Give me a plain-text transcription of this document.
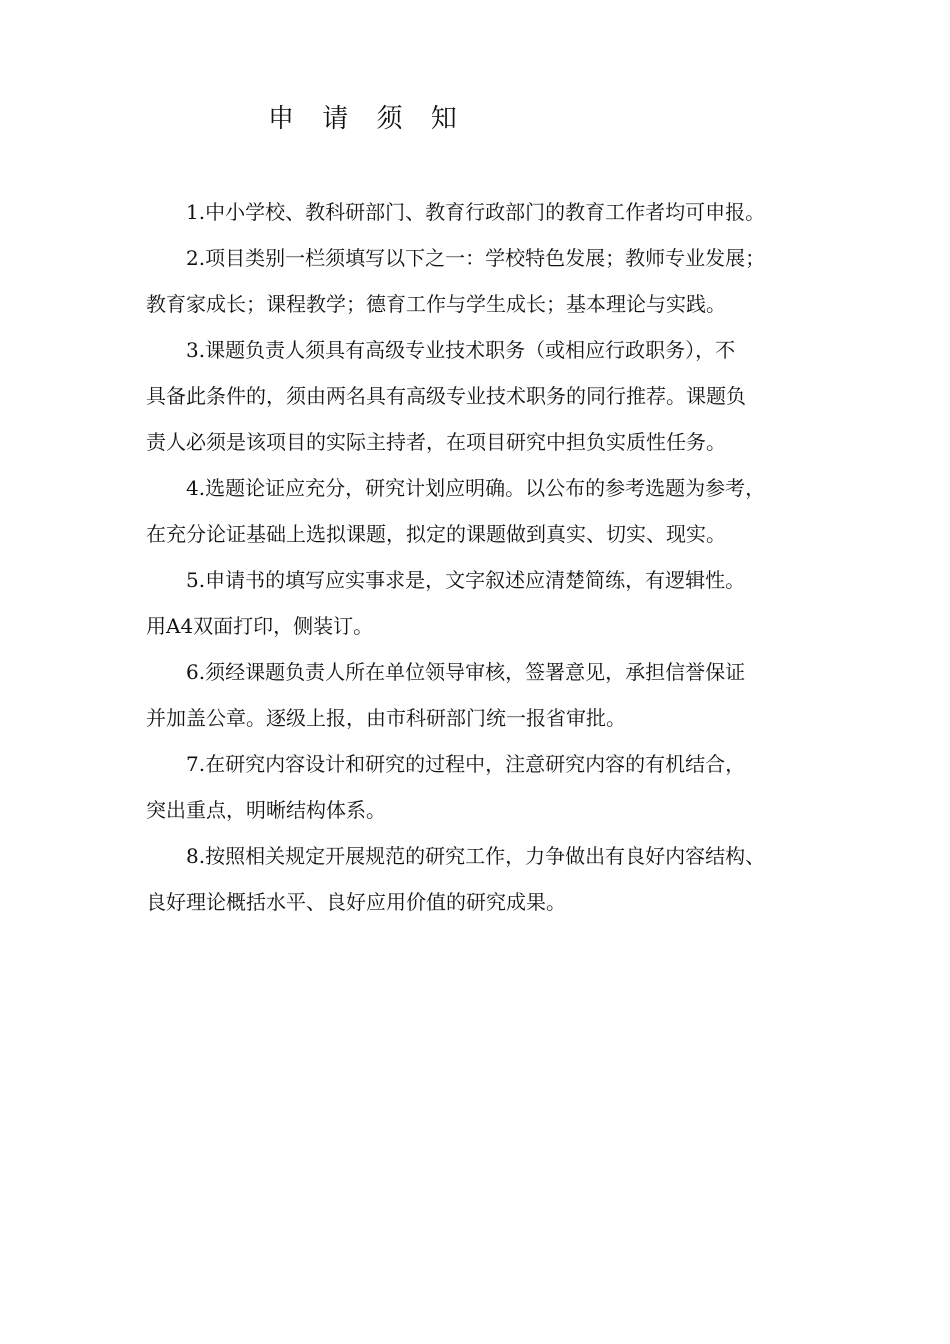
申 请 须 知

1.中小学校、教科研部门、教育行政部门的教育工作者均可申报。

2.项目类别一栏须填写以下之一：学校特色发展；教师专业发展；
教育家成长；课程教学；德育工作与学生成长；基本理论与实践。

3.课题负责人须具有高级专业技术职务（或相应行政职务），不
具备此条件的，须由两名具有高级专业技术职务的同行推荐。课题负
责人必须是该项目的实际主持者，在项目研究中担负实质性任务。

4.选题论证应充分，研究计划应明确。以公布的参考选题为参考，
在充分论证基础上选拟课题，拟定的课题做到真实、切实、现实。

5.申请书的填写应实事求是，文字叙述应清楚简练，有逻辑性。
用A4双面打印，侧装订。

6.须经课题负责人所在单位领导审核，签署意见，承担信誉保证
并加盖公章。逐级上报，由市科研部门统一报省审批。

7.在研究内容设计和研究的过程中，注意研究内容的有机结合，
突出重点，明晰结构体系。

8.按照相关规定开展规范的研究工作，力争做出有良好内容结构、
良好理论概括水平、良好应用价值的研究成果。
